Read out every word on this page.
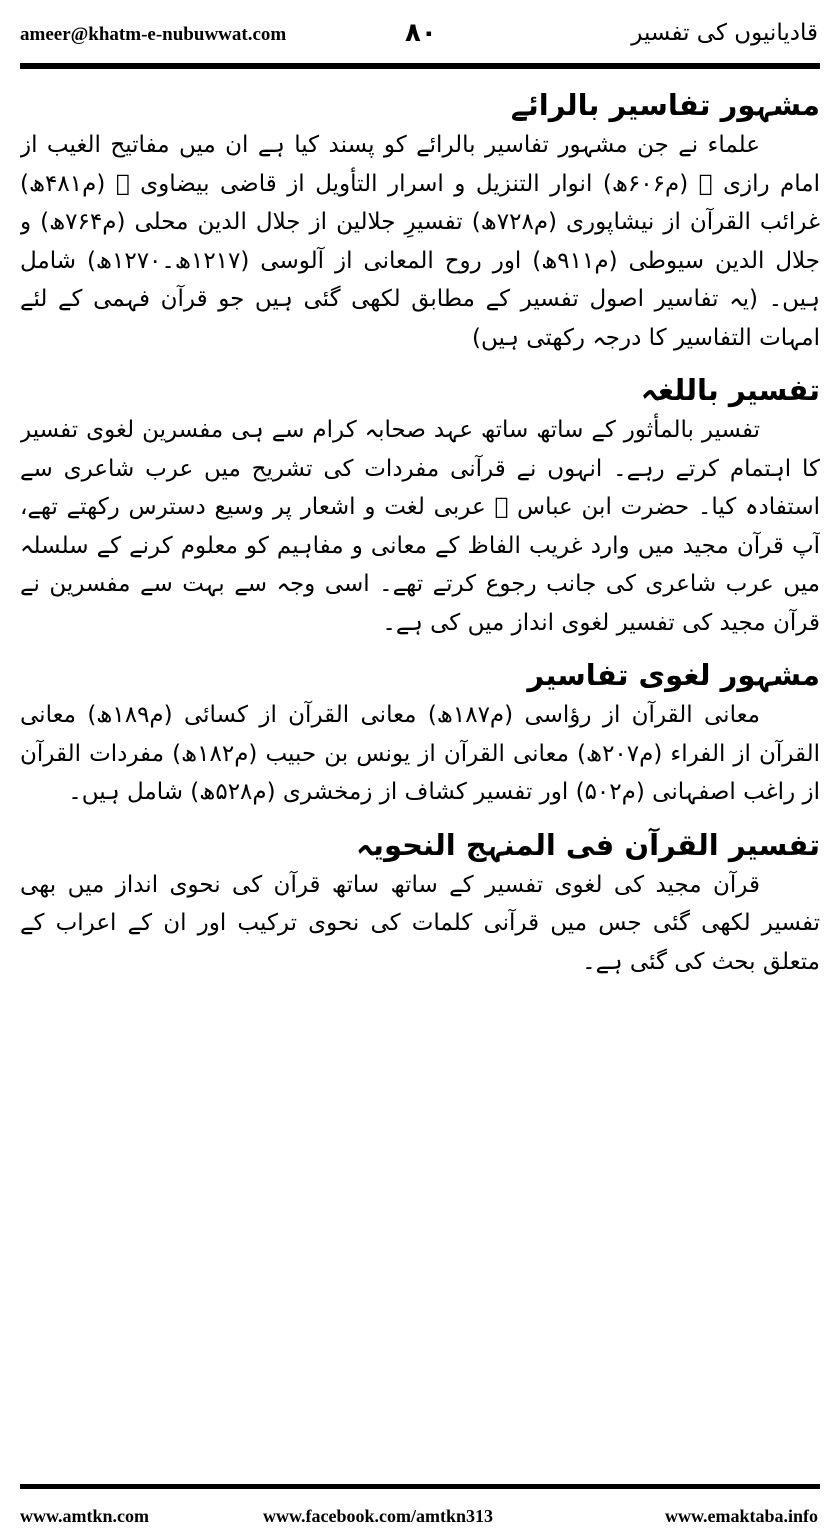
ameer@khatm-e-nubuwwat.com	۸۰	قادیانیوں کی تفسیر
مشہور تفاسیر بالرائے

علماء نے جن مشہور تفاسیر بالرائے کو پسند کیا ہے ان میں مفاتیح الغیب از امام رازی ﷫ (م۶۰۶ھ) انوار التنزیل و اسرار التأویل از قاضی بیضاوی ﷫ (م۴۸۱ھ) غرائب القرآن از نیشاپوری (م۷۲۸ھ) تفسیرِ جلالین از جلال الدین محلی (م۷۶۴ھ) و جلال الدین سیوطی (م۹۱۱ھ) اور روح المعانی از آلوسی (۱۲۱۷ھ۔۱۲۷۰ھ) شامل ہیں۔ (یہ تفاسیر اصول تفسیر کے مطابق لکھی گئی ہیں جو قرآن فہمی کے لئے امہات التفاسیر کا درجہ رکھتی ہیں)

تفسیر باللغہ

تفسیر بالمأثور کے ساتھ ساتھ عہد صحابہ کرام سے ہی مفسرین لغوی تفسیر کا اہتمام کرتے رہے۔ انہوں نے قرآنی مفردات کی تشریح میں عرب شاعری سے استفادہ کیا۔ حضرت ابن عباس ﷛ عربی لغت و اشعار پر وسیع دسترس رکھتے تھے، آپ قرآن مجید میں وارد غریب الفاظ کے معانی و مفاہیم کو معلوم کرنے کے سلسلہ میں عرب شاعری کی جانب رجوع کرتے تھے۔ اسی وجہ سے بہت سے مفسرین نے قرآن مجید کی تفسیر لغوی انداز میں کی ہے۔

مشہور لغوی تفاسیر

معانی القرآن از رؤاسی (م۱۸۷ھ) معانی القرآن از کسائی (م۱۸۹ھ) معانی القرآن از الفراء (م۲۰۷ھ) معانی القرآن از یونس بن حبیب (م۱۸۲ھ) مفردات القرآن از راغب اصفہانی (م۵۰۲) اور تفسیر کشاف از زمخشری (م۵۲۸ھ) شامل ہیں۔

تفسیر القرآن فی المنہج النحویہ

قرآن مجید کی لغوی تفسیر کے ساتھ ساتھ قرآن کی نحوی انداز میں بھی تفسیر لکھی گئی جس میں قرآنی کلمات کی نحوی ترکیب اور ان کے اعراب کے متعلق بحث کی گئی ہے۔

www.amtkn.com	www.facebook.com/amtkn313	www.emaktaba.info
